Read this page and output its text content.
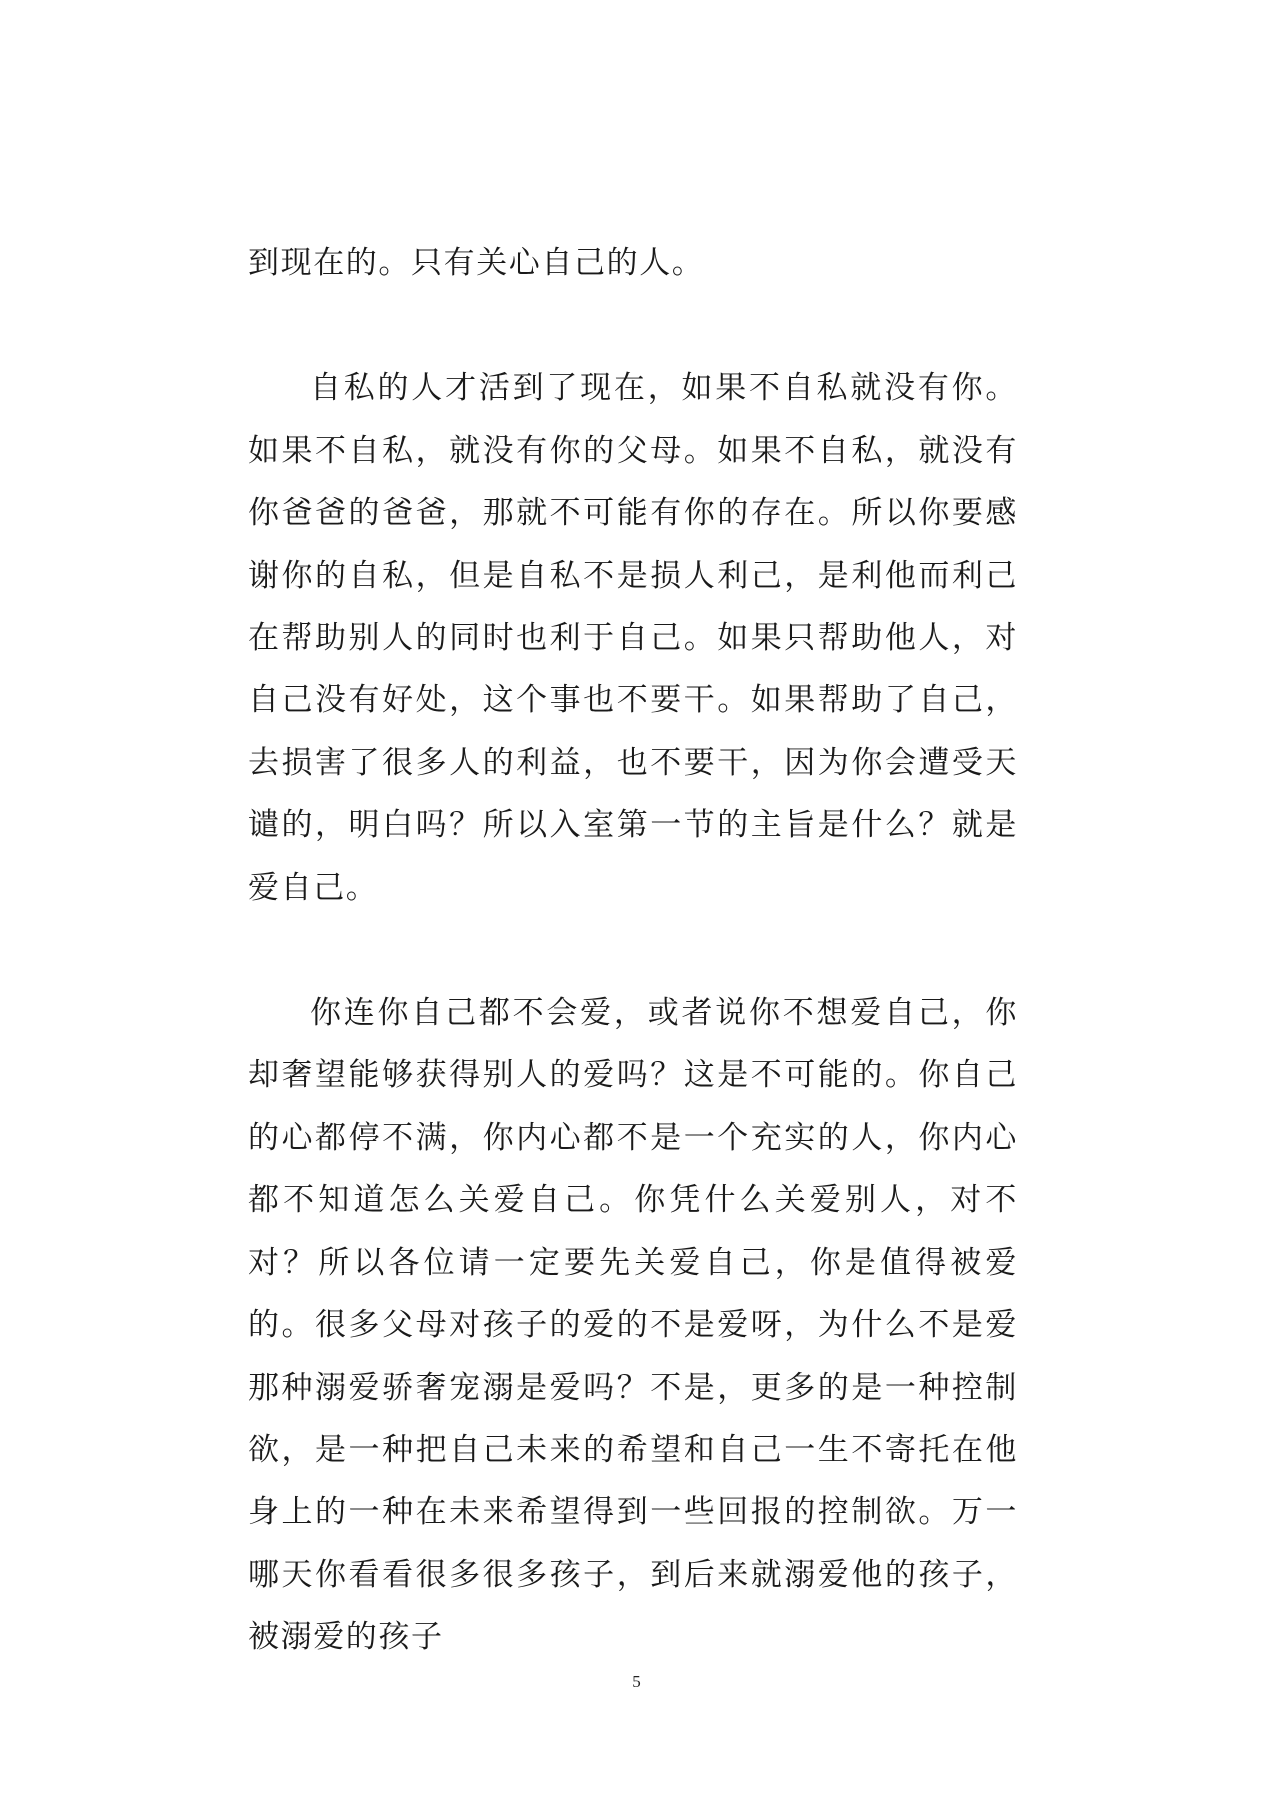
到现在的。只有关心自己的人。

自私的人才活到了现在，如果不自私就没有你。如果不自私，就没有你的父母。如果不自私，就没有你爸爸的爸爸，那就不可能有你的存在。所以你要感谢你的自私，但是自私不是损人利己，是利他而利己在帮助别人的同时也利于自己。如果只帮助他人，对自己没有好处，这个事也不要干。如果帮助了自己，去损害了很多人的利益，也不要干，因为你会遭受天谴的，明白吗？所以入室第一节的主旨是什么？就是爱自己。

你连你自己都不会爱，或者说你不想爱自己，你却奢望能够获得别人的爱吗？这是不可能的。你自己的心都停不满，你内心都不是一个充实的人，你内心都不知道怎么关爱自己。你凭什么关爱别人，对不对？所以各位请一定要先关爱自己，你是值得被爱的。很多父母对孩子的爱的不是爱呀，为什么不是爱那种溺爱骄奢宠溺是爱吗？不是，更多的是一种控制欲，是一种把自己未来的希望和自己一生不寄托在他身上的一种在未来希望得到一些回报的控制欲。万一哪天你看看很多很多孩子，到后来就溺爱他的孩子，被溺爱的孩子

5
